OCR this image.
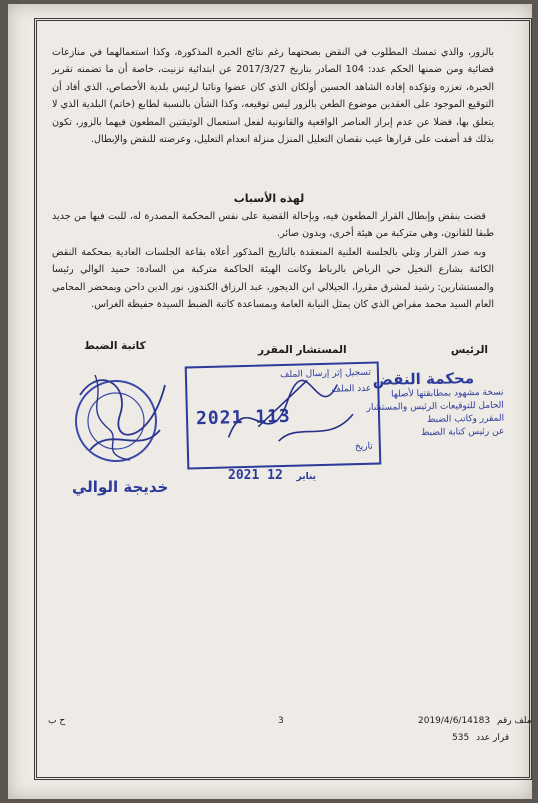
بالزور، والذي تمسك المطلوب في النقض بصحتهما رغم نتائج الخبرة المذكورة، وكذا استعمالهما في منازعات قضائية ومن ضمنها الحكم عدد: 104 الصادر بتاريخ 2017/3/27 عن ابتدائية تزنيت، خاصة أن ما تضمنه تقرير الخبرة، تعززه وتؤكده إفادة الشاهد الحسين أولكان الذي كان عضوا ونائبا لرئيس بلدية الأخصاص، الذي أفاد أن التوقيع الموجود على العقدين موضوع الطعن بالزور ليس توقيعه، وكذا الشأن بالنسبة لطابع (خاتم) البلدية الذي لا يتعلق بها، فضلا عن عدم إبراز العناصر الواقعية والقانونية لفعل استعمال الوثيقتين المطعون فيهما بالزور، تكون بذلك قد أضفت على قرارها عيب نقصان التعليل المنزل منزلة انعدام التعليل، وعرضته للنقض والإبطال.
لهذه الأسباب
قضت بنقض وإبطال القرار المطعون فيه، وبإحالة القضية على نفس المحكمة المصدرة له، للبت فيها من جديد طبقا للقانون، وهي متركبة من هيئة أخرى، وبدون صائر.
وبه صدر القرار وتلي بالجلسة العلنية المنعقدة بالتاريخ المذكور أعلاه بقاعة الجلسات العادية بمحكمة النقض الكائنة بشارع النخيل حي الرياض بالرباط وكانت الهيئة الحاكمة متركبة من السادة: حميد الوالي رئيسا والمستشارين: رشيد لمشرق مقررا، الجيلالي ابن الديجور، عبد الرزاق الكندوز، نور الدين داحن وبمحضر المحامي العام السيد محمد مفراض الذي كان يمثل النيابة العامة وبمساعدة كاتبة الضبط السيدة حفيظة الغراس.
الرئيس
المستشار المقرر
كاتبة الضبط
محكمة النقض
نسخة مشهود بمطابقتها لأصلها
الحامل للتوقيعات الرئيس والمستشار
المقرر وكاتب الضبط
عن رئيس كتابة الضبط
تسجيل إثر إرسال الملف
عدد الملف
تاريخ
2021 113
2021	يناير 12
خديجة الوالي
2019/4/6/14183 ملف رقم
535 قرار عدد
3
ح ب
